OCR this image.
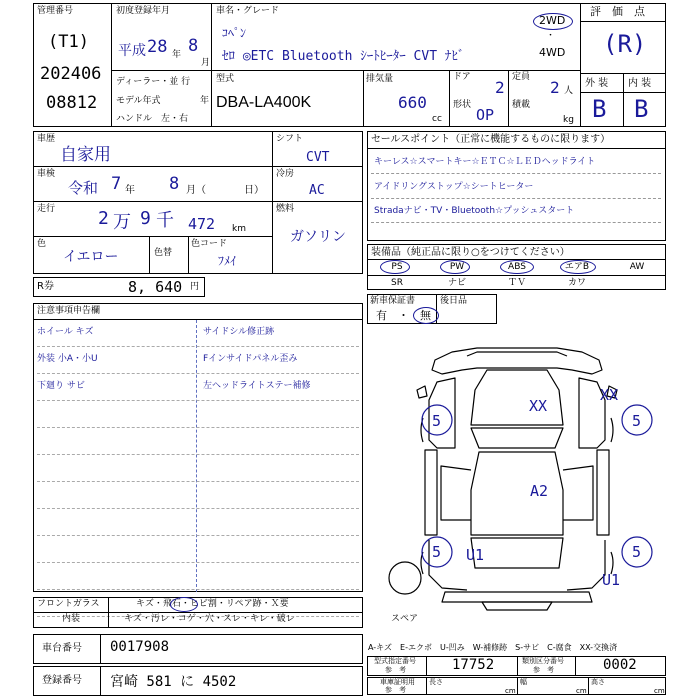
管理番号
(T1)
202406
08812
初度登録年月
平成 28 年 8
月
ディーラー・並 行
モデル年式	年
ハンドル　左・右
車名・グレード
ｺﾍﾟﾝ
ｾﾛ ◎ETC Bluetooth ｼｰﾄﾋｰﾀｰ CVT ﾅﾋﾞ
2WD
・
4WD
型式
DBA-LA400K
排気量
660
cc
ドア
2
形状
OP
定員
2 人
積載
kg
評　価　点
(R)
外 装 内 装
B B
車歴
自家用
車検
令和 7 年 8 月（	日）
走行 2 万 9 千 472 km
色
イエロー	色替
色コード
ﾌﾒｲ
シフト
CVT
冷房
AC
燃料
ガソリン
R券	8, 640 円
セールスポイント（正常に機能するものに限ります）
キーレス☆スマートキー☆ＥＴＣ☆ＬＥＤヘッドライト
アイドリングストップ☆シートヒーター
Stradaナビ・TV・Bluetooth☆プッシュスタート
装備品（純正品に限り○をつけてください）
PS	PW	ABS	エアB	AW
SR	ナビ	ＴＶ	カワ
新車保証書
有　・　無
後日品
注意事項申告欄
ホイール キズ
外装 小A・小U
下廻り サビ
サイドシル修正跡
Fインサイドパネル歪み
左ヘッドライトステー補修
フロントガラス	キズ・飛石・ヒビ割・リペア跡・Ｘ要
内装	キズ・汚レ・コゲ・穴・スレ・キレ・破レ
車台番号 0017908
登録番号 宮崎 581 に 4502
A-キズ　E-エクボ　U-凹み　W-補修跡　S-サビ　C-腐食　XX-交換済
型式指定番号
参　考	17752	類別区分番号
参　考	0002
車庫証明用
参　考
長さ
cm
幅
cm
高さ
cm
XX
XX
A2
5	5
5	5
U1
U1
スペア
